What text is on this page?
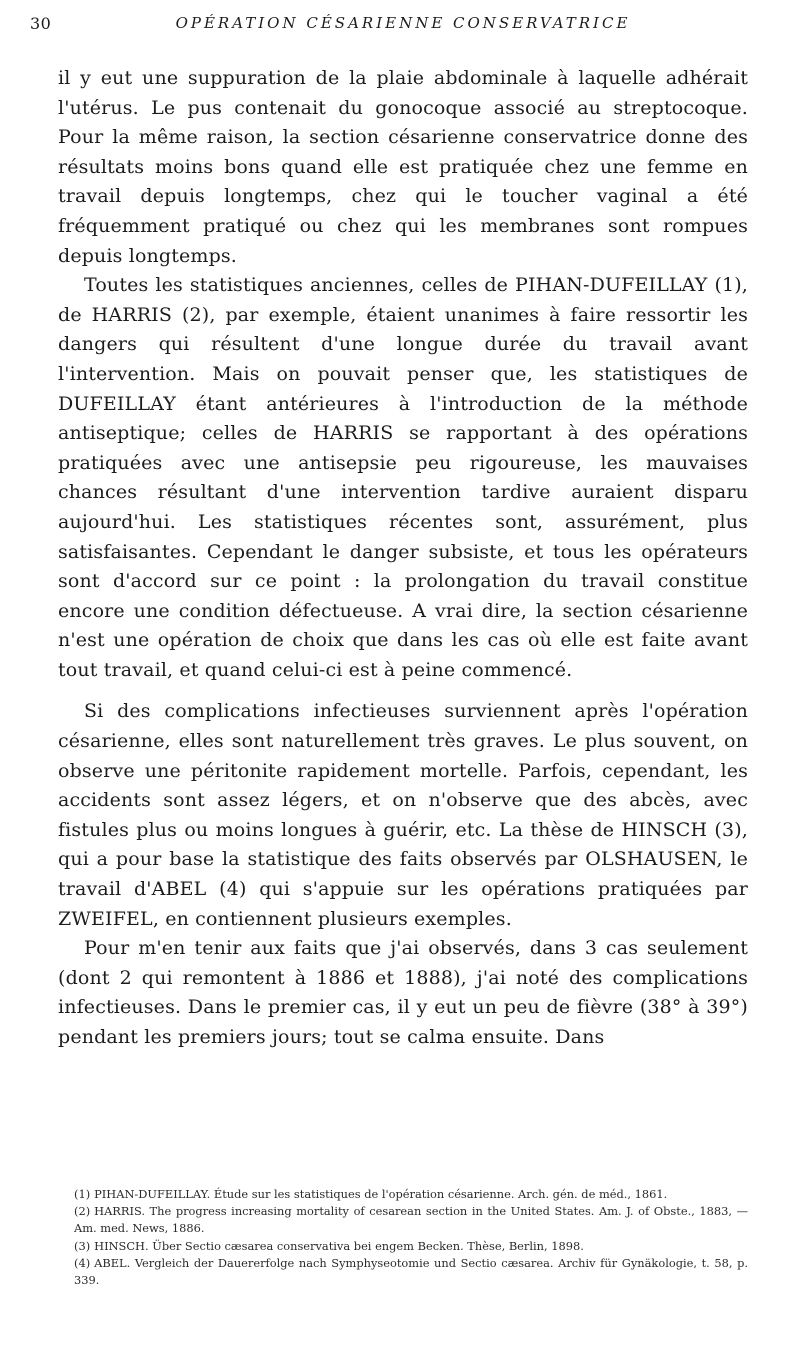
30	OPÉRATION CÉSARIENNE CONSERVATRICE

il y eut une suppuration de la plaie abdominale à laquelle adhérait l'utérus. Le pus contenait du gonocoque associé au streptocoque. Pour la même raison, la section césarienne conservatrice donne des résultats moins bons quand elle est pratiquée chez une femme en travail depuis longtemps, chez qui le toucher vaginal a été fréquemment pratiqué ou chez qui les membranes sont rompues depuis longtemps.

Toutes les statistiques anciennes, celles de PIHAN-DUFEILLAY (1), de HARRIS (2), par exemple, étaient unanimes à faire ressortir les dangers qui résultent d'une longue durée du travail avant l'intervention. Mais on pouvait penser que, les statistiques de DUFEILLAY étant antérieures à l'introduction de la méthode antiseptique; celles de HARRIS se rapportant à des opérations pratiquées avec une antisepsie peu rigoureuse, les mauvaises chances résultant d'une intervention tardive auraient disparu aujourd'hui. Les statistiques récentes sont, assurément, plus satisfaisantes. Cependant le danger subsiste, et tous les opérateurs sont d'accord sur ce point : la prolongation du travail constitue encore une condition défectueuse. A vrai dire, la section césarienne n'est une opération de choix que dans les cas où elle est faite avant tout travail, et quand celui-ci est à peine commencé.

Si des complications infectieuses surviennent après l'opération césarienne, elles sont naturellement très graves. Le plus souvent, on observe une péritonite rapidement mortelle. Parfois, cependant, les accidents sont assez légers, et on n'observe que des abcès, avec fistules plus ou moins longues à guérir, etc. La thèse de HINSCH (3), qui a pour base la statistique des faits observés par OLSHAUSEN, le travail d'ABEL (4) qui s'appuie sur les opérations pratiquées par ZWEIFEL, en contiennent plusieurs exemples.

Pour m'en tenir aux faits que j'ai observés, dans 3 cas seulement (dont 2 qui remontent à 1886 et 1888), j'ai noté des complications infectieuses. Dans le premier cas, il y eut un peu de fièvre (38° à 39°) pendant les premiers jours; tout se calma ensuite. Dans

(1) PIHAN-DUFEILLAY. Étude sur les statistiques de l'opération césarienne. Arch. gén. de méd., 1861.

(2) HARRIS. The progress increasing mortality of cesarean section in the United States. Am. J. of Obste., 1883, — Am. med. News, 1886.

(3) HINSCH. Über Sectio cæsarea conservativa bei engem Becken. Thèse, Berlin, 1898.

(4) ABEL. Vergleich der Dauererfolge nach Symphyseotomie und Sectio cæsarea. Archiv für Gynäkologie, t. 58, p. 339.
